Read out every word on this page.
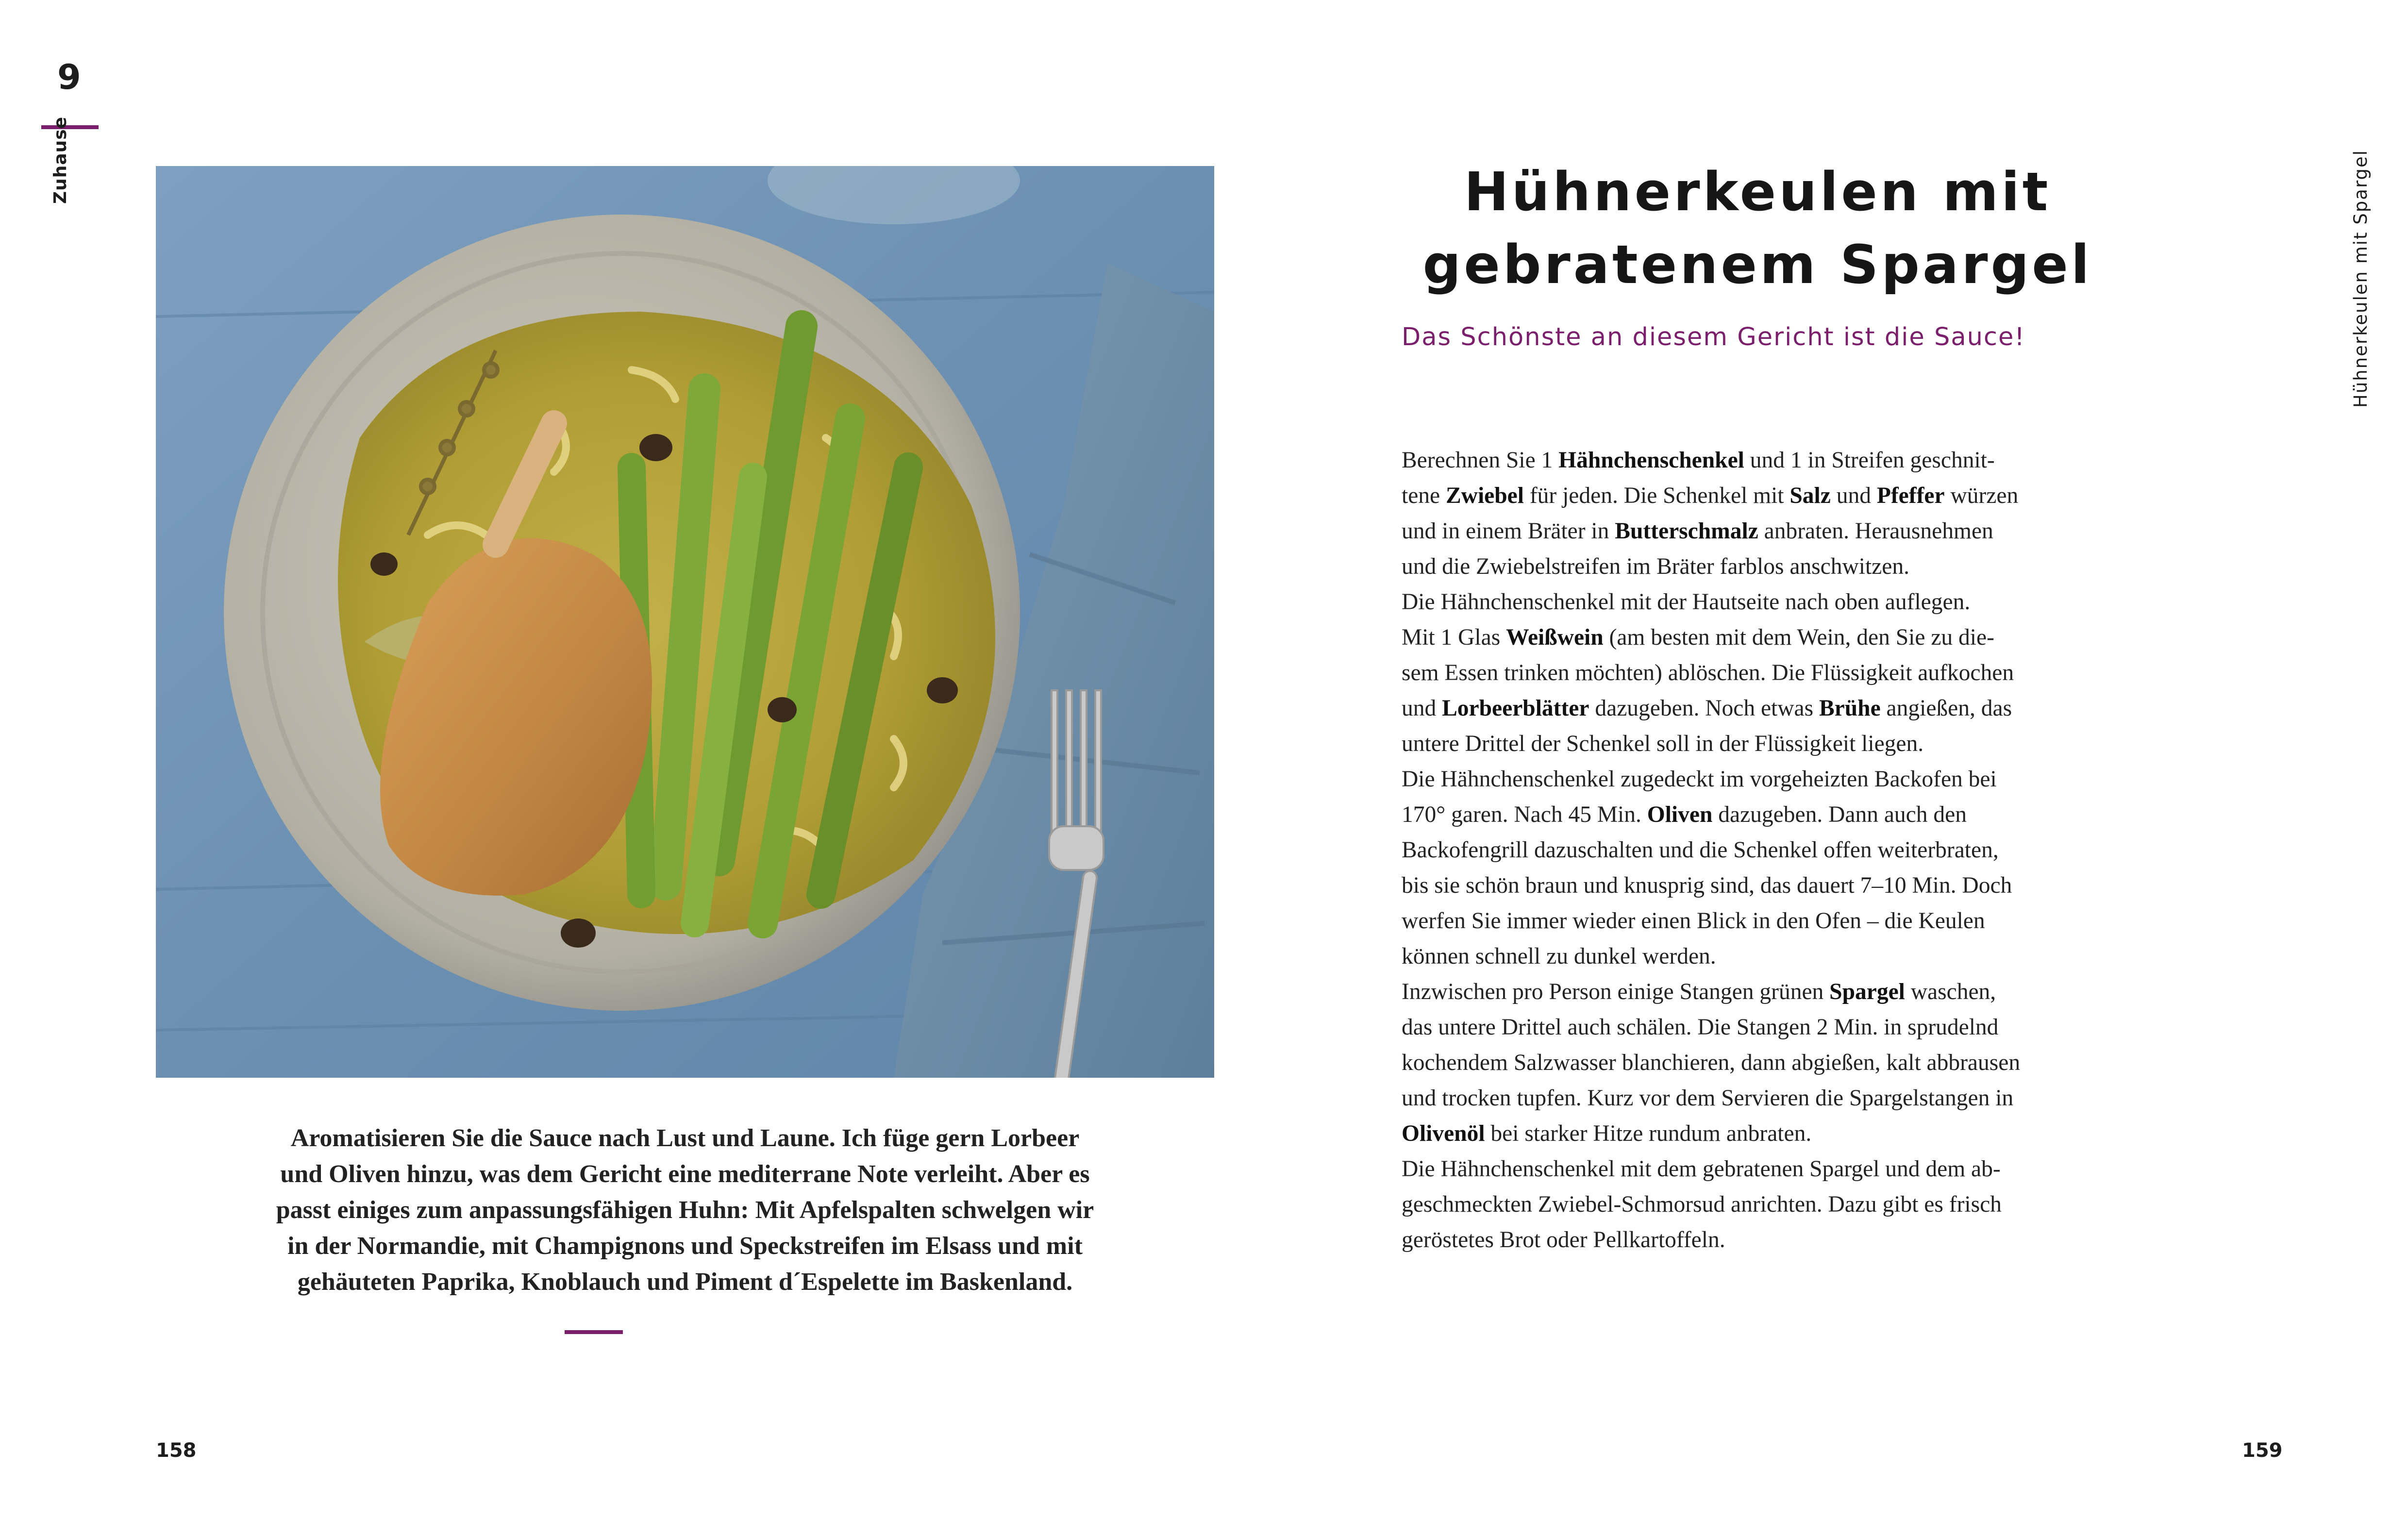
9
Zuhause
Aromatisieren Sie die Sauce nach Lust und Laune. Ich füge gern Lorbeer
und Oliven hinzu, was dem Gericht eine mediterrane Note verleiht. Aber es
passt einiges zum anpassungsfähigen Huhn: Mit Apfelspalten schwelgen wir
in der Normandie, mit Champignons und Speckstreifen im Elsass und mit
gehäuteten Paprika, Knoblauch und Piment d´Espelette im Baskenland.
158
Hühnerkeulen mit
gebratenem Spargel
Das Schönste an diesem Gericht ist die Sauce!

Berechnen Sie 1 Hähnchenschenkel und 1 in Streifen geschnit-

tene Zwiebel für jeden. Die Schenkel mit Salz und Pfeffer würzen

und in einem Bräter in Butterschmalz anbraten. Herausnehmen

und die Zwiebelstreifen im Bräter farblos anschwitzen.

Die Hähnchenschenkel mit der Hautseite nach oben auflegen.

Mit 1 Glas Weißwein (am besten mit dem Wein, den Sie zu die-

sem Essen trinken möchten) ablöschen. Die Flüssigkeit aufkochen

und Lorbeerblätter dazugeben. Noch etwas Brühe angießen, das

untere Drittel der Schenkel soll in der Flüssigkeit liegen.

Die Hähnchenschenkel zugedeckt im vorgeheizten Backofen bei

170° garen. Nach 45 Min. Oliven dazugeben. Dann auch den

Backofengrill dazuschalten und die Schenkel offen weiterbraten,

bis sie schön braun und knusprig sind, das dauert 7–10 Min. Doch

werfen Sie immer wieder einen Blick in den Ofen – die Keulen

können schnell zu dunkel werden.

Inzwischen pro Person einige Stangen grünen Spargel waschen,

das untere Drittel auch schälen. Die Stangen 2 Min. in sprudelnd

kochendem Salzwasser blanchieren, dann abgießen, kalt abbrausen

und trocken tupfen. Kurz vor dem Servieren die Spargelstangen in

Olivenöl bei starker Hitze rundum anbraten.

Die Hähnchenschenkel mit dem gebratenen Spargel und dem ab-

geschmeckten Zwiebel-Schmorsud anrichten. Dazu gibt es frisch

geröstetes Brot oder Pellkartoffeln.

Hühnerkeulen mit Spargel
159
